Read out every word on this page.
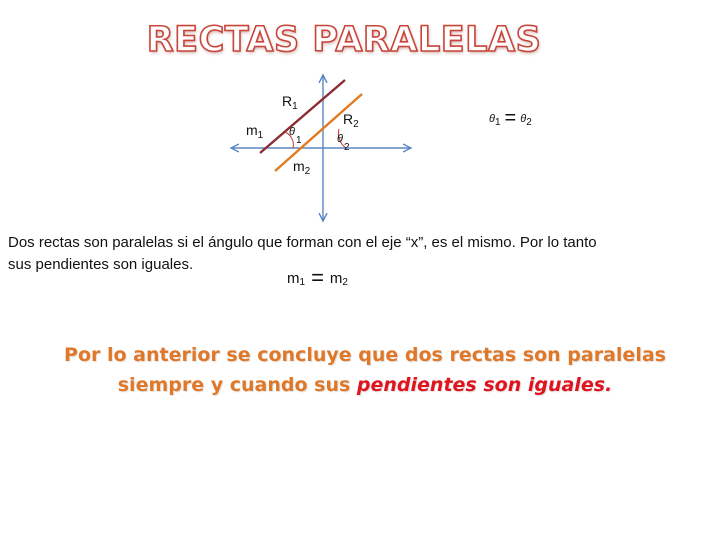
RECTAS PARALELAS
$R_1$
$R_2$
$m_1$
$m_2$
θ1	θ2
θ1 = θ2

Dos rectas son paralelas si el ángulo que forman con el eje “x”, es el mismo. Por lo tanto sus pendientes son iguales.

$m_1 = m_2$

Por lo anterior se concluye que dos rectas son paralelas siempre y cuando sus pendientes son iguales.
